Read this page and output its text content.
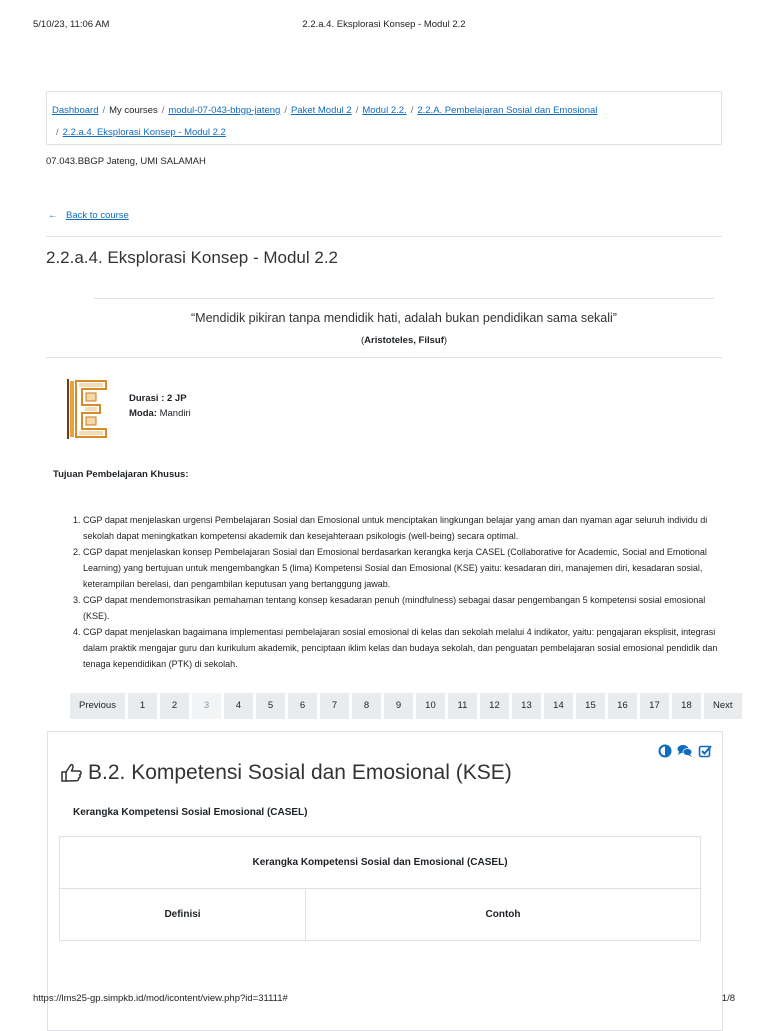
5/10/23, 11:06 AM	2.2.a.4. Eksplorasi Konsep - Modul 2.2
Dashboard / My courses / modul-07-043-bbgp-jateng / Paket Modul 2 / Modul 2.2. / 2.2.A. Pembelajaran Sosial dan Emosional
/ 2.2.a.4. Eksplorasi Konsep - Modul 2.2
07.043.BBGP Jateng, UMI SALAMAH
← Back to course
2.2.a.4. Eksplorasi Konsep - Modul 2.2
“Mendidik pikiran tanpa mendidik hati, adalah bukan pendidikan sama sekali”
(Aristoteles, Filsuf)
Durasi : 2 JP
Moda: Mandiri
Tujuan Pembelajaran Khusus:
1. CGP dapat menjelaskan urgensi Pembelajaran Sosial dan Emosional untuk menciptakan lingkungan belajar yang aman dan nyaman agar seluruh individu di sekolah dapat meningkatkan kompetensi akademik dan kesejahteraan psikologis (well-being) secara optimal.
2. CGP dapat menjelaskan konsep Pembelajaran Sosial dan Emosional berdasarkan kerangka kerja CASEL (Collaborative for Academic, Social and Emotional Learning) yang bertujuan untuk mengembangkan 5 (lima) Kompetensi Sosial dan Emosional (KSE) yaitu: kesadaran diri, manajemen diri, kesadaran sosial, keterampilan berelasi, dan pengambilan keputusan yang bertanggung jawab.
3. CGP dapat mendemonstrasikan pemahaman tentang konsep kesadaran penuh (mindfulness) sebagai dasar pengembangan 5 kompetensi sosial emosional (KSE).
4. CGP dapat menjelaskan bagaimana implementasi pembelajaran sosial emosional di kelas dan sekolah melalui 4 indikator, yaitu: pengajaran eksplisit, integrasi dalam praktik mengajar guru dan kurikulum akademik, penciptaan iklim kelas dan budaya sekolah, dan penguatan pembelajaran sosial emosional pendidik dan tenaga kependidikan (PTK) di sekolah.
Previous	1	2	3	4	5	6	7	8	9	10	11	12	13	14	15	16	17	18	Next
B.2. Kompetensi Sosial dan Emosional (KSE)
Kerangka Kompetensi Sosial Emosional (CASEL)
Kerangka Kompetensi Sosial dan Emosional (CASEL)
Definisi	Contoh
https://lms25-gp.simpkb.id/mod/icontent/view.php?id=31111#	1/8
